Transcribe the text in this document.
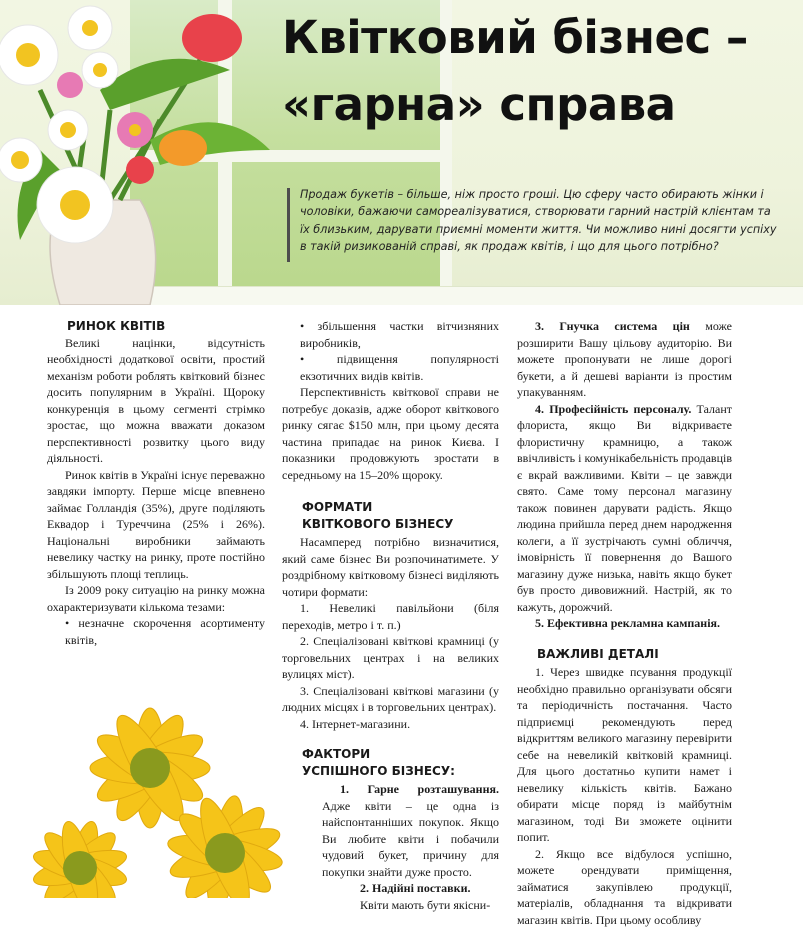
Квітковий бізнес –
«гарна» справа

Продаж букетів – більше, ніж просто гроші. Цю сферу часто обирають жінки і чоловіки, бажаючи самореалізуватися, створювати гарний настрій клієнтам та їх близьким, дарувати приємні моменти життя. Чи можливо нині досягти успіху в такій ризикованій справі, як продаж квітів, і що для цього потрібно?

РИНОК КВІТІВ

Великі націнки, відсутність необхідності додаткової освіти, простий механізм роботи роблять квітковий бізнес досить популярним в Україні. Щороку конкуренція в цьому сегменті стрімко зростає, що можна вважати доказом перспективності розвитку цього виду діяльності.

Ринок квітів в Україні існує переважно завдяки імпорту. Перше місце впевнено займає Голландія (35%), друге поділяють Еквадор і Туреччина (25% і 26%). Національні виробники займають невелику частку на ринку, проте постійно збільшують площі теплиць.

Із 2009 року ситуацію на ринку можна охарактеризувати кількома тезами:

• незначне скорочення асортименту квітів,

• збільшення частки вітчизняних виробників,

• підвищення популярності екзотичних видів квітів.

Перспективність квіткової справи не потребує доказів, адже оборот квіткового ринку сягає $150 млн, при цьому десята частина припадає на ринок Києва. І показники продовжують зростати в середньому на 15–20% щороку.

ФОРМАТИ
КВІТКОВОГО БІЗНЕСУ

Насамперед потрібно визначитися, який саме бізнес Ви розпочинатимете. У роздрібному квітковому бізнесі виділяють чотири формати:

1. Невеликі павільйони (біля переходів, метро і т. п.)

2. Спеціалізовані квіткові крамниці (у торговельних центрах і на великих вулицях міст).

3. Спеціалізовані квіткові магазини (у людних місцях і в торговельних центрах).

4. Інтернет-магазини.

ФАКТОРИ
УСПІШНОГО БІЗНЕСУ:

1. Гарне розташування. Адже квіти – це одна із найспонтанніших покупок. Якщо Ви любите квіти і побачили чудовий букет, причину для покупки знайти дуже просто.

2. Надійні поставки.

Квіти мають бути якісни-

3. Гнучка система цін може розширити Вашу цільову аудиторію. Ви можете пропонувати не лише дорогі букети, а й дешеві варіанти із простим упакуванням.

4. Професійність персоналу. Талант флориста, якщо Ви відкриваєте флористичну крамницю, а також ввічливість і комунікабельність продавців є вкрай важливими. Квіти – це завжди свято. Саме тому персонал магазину також повинен дарувати радість. Якщо людина прийшла перед днем народження колеги, а її зустрічають сумні обличчя, імовірність її повернення до Вашого магазину дуже низька, навіть якщо букет був просто дивовижний. Настрій, як то кажуть, дорожчий.

5. Ефективна рекламна кампанія.

ВАЖЛИВІ ДЕТАЛІ

1. Через швидке псування продукції необхідно правильно організувати обсяги та періодичність постачання. Часто підприємці рекомендують перед відкриттям великого магазину перевірити себе на невеликій квітковій крамниці. Для цього достатньо купити намет і невелику кількість квітів. Бажано обирати місце поряд із майбутнім магазином, тоді Ви зможете оцінити попит.

2. Якщо все відбулося успішно, можете орендувати приміщення, займатися закупівлею продукції, матеріалів, обладнання та відкривати магазин квітів. При цьому особливу
